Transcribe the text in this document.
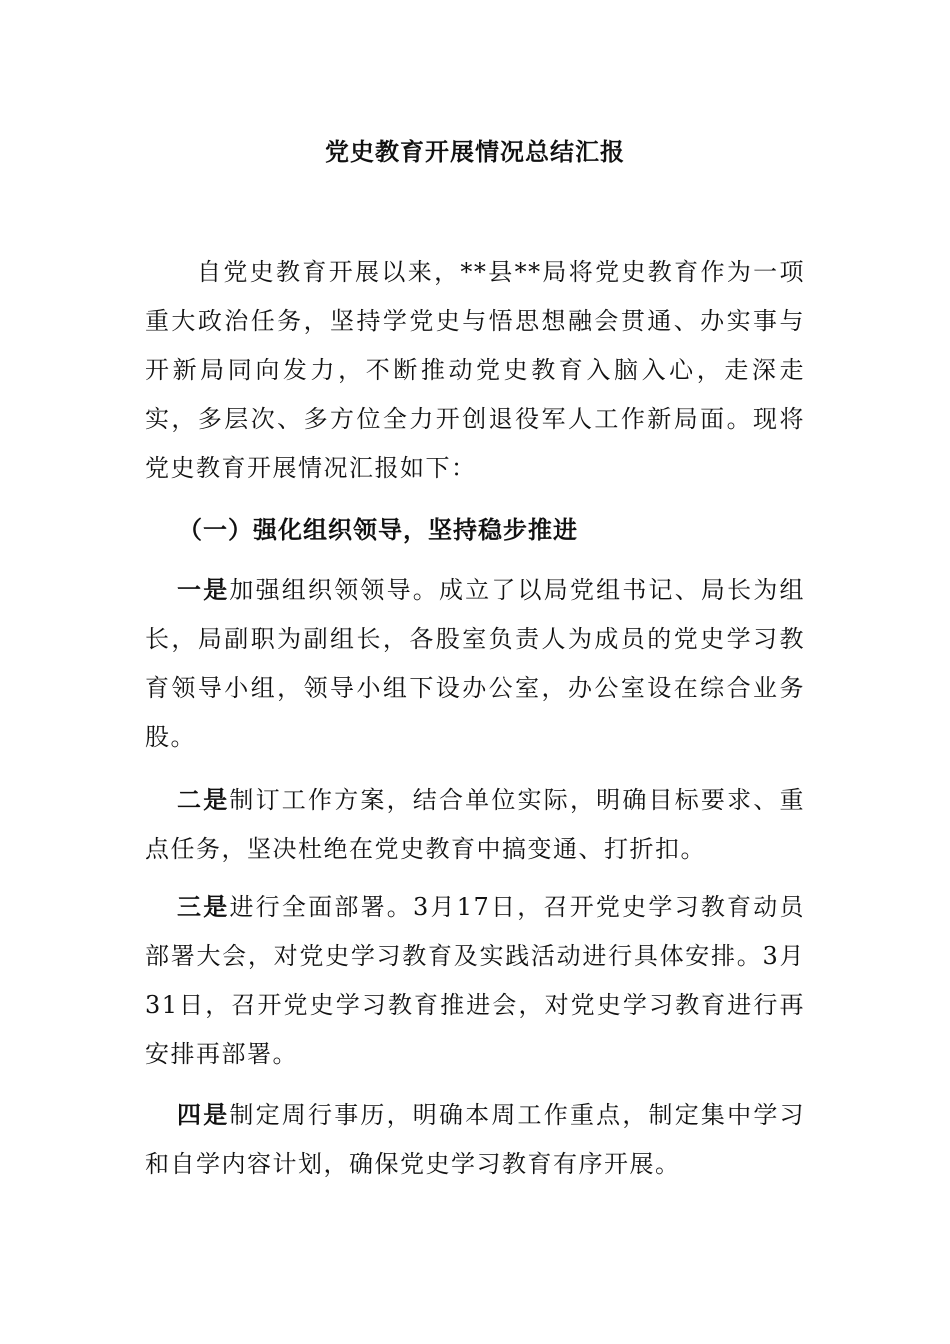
党史教育开展情况总结汇报

自党史教育开展以来，**县**局将党史教育作为一项重大政治任务，坚持学党史与悟思想融会贯通、办实事与开新局同向发力，不断推动党史教育入脑入心，走深走实，多层次、多方位全力开创退役军人工作新局面。现将党史教育开展情况汇报如下：

（一）强化组织领导，坚持稳步推进

一是加强组织领领导。成立了以局党组书记、局长为组长，局副职为副组长，各股室负责人为成员的党史学习教育领导小组，领导小组下设办公室，办公室设在综合业务股。

二是制订工作方案，结合单位实际，明确目标要求、重点任务，坚决杜绝在党史教育中搞变通、打折扣。

三是进行全面部署。3月17日，召开党史学习教育动员部署大会，对党史学习教育及实践活动进行具体安排。3月31日，召开党史学习教育推进会，对党史学习教育进行再安排再部署。

四是制定周行事历，明确本周工作重点，制定集中学习和自学内容计划，确保党史学习教育有序开展。
